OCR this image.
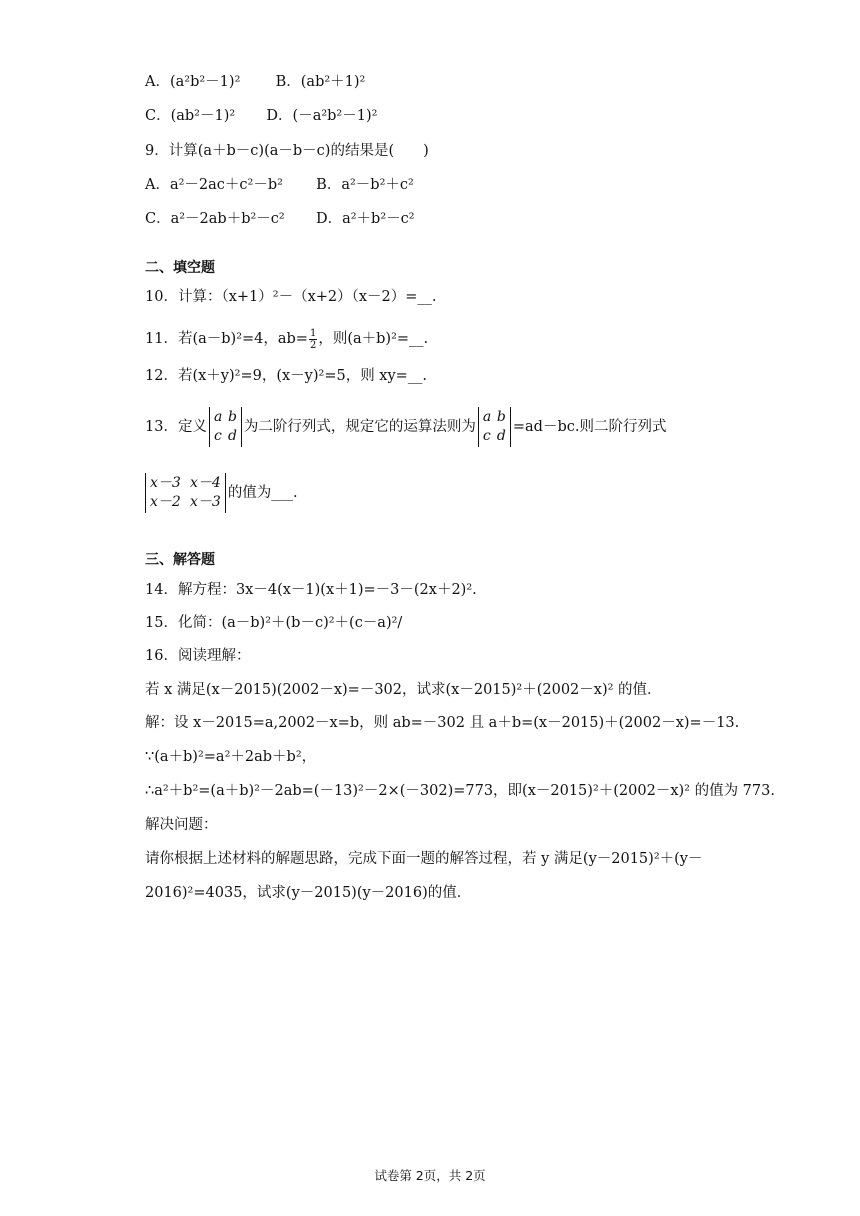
A．(a²b²－1)² B．(ab²＋1)²
C．(ab²－1)² D．(－a²b²－1)²
9．计算(a＋b－c)(a－b－c)的结果是(　　)
A．a²－2ac＋c²－b² B．a²－b²＋c²
C．a²－2ab＋b²－c² D．a²＋b²－c²
二、填空题
10．计算：（x+1）²－（x+2）（x－2）=__.
11．若(a－b)²=4，$ab= \frac{1}{2}$ ，则(a＋b)²=__.
12．若(x＋y)²=9，(x－y)²=5，则 xy=__.
13．定义
a b
c d
为二阶行列式，规定它的运算法则为
a b
c d
=ad－bc.则二阶行列式
x－3 x－4
x－2 x－3
的值为___.
三、解答题
14．解方程：3x－4(x－1)(x＋1)=－3－(2x＋2)².
15．化简：(a－b)²＋(b－c)²＋(c－a)²/
16．阅读理解：
若 x 满足(x－2015)(2002－x)=－302，试求(x－2015)²＋(2002－x)² 的值．
解：设 x－2015=a,2002－x=b，则 ab=－302 且 a＋b=(x－2015)＋(2002－x)=－13.
∵(a＋b)²=a²＋2ab＋b²，
∴a²＋b²=(a＋b)²－2ab=(－13)²－2×(－302)=773，即(x－2015)²＋(2002－x)² 的值为 773.
解决问题：
请你根据上述材料的解题思路，完成下面一题的解答过程，若 y 满足(y－2015)²＋(y－
2016)²=4035，试求(y－2015)(y－2016)的值．
试卷第 2页，共 2页
